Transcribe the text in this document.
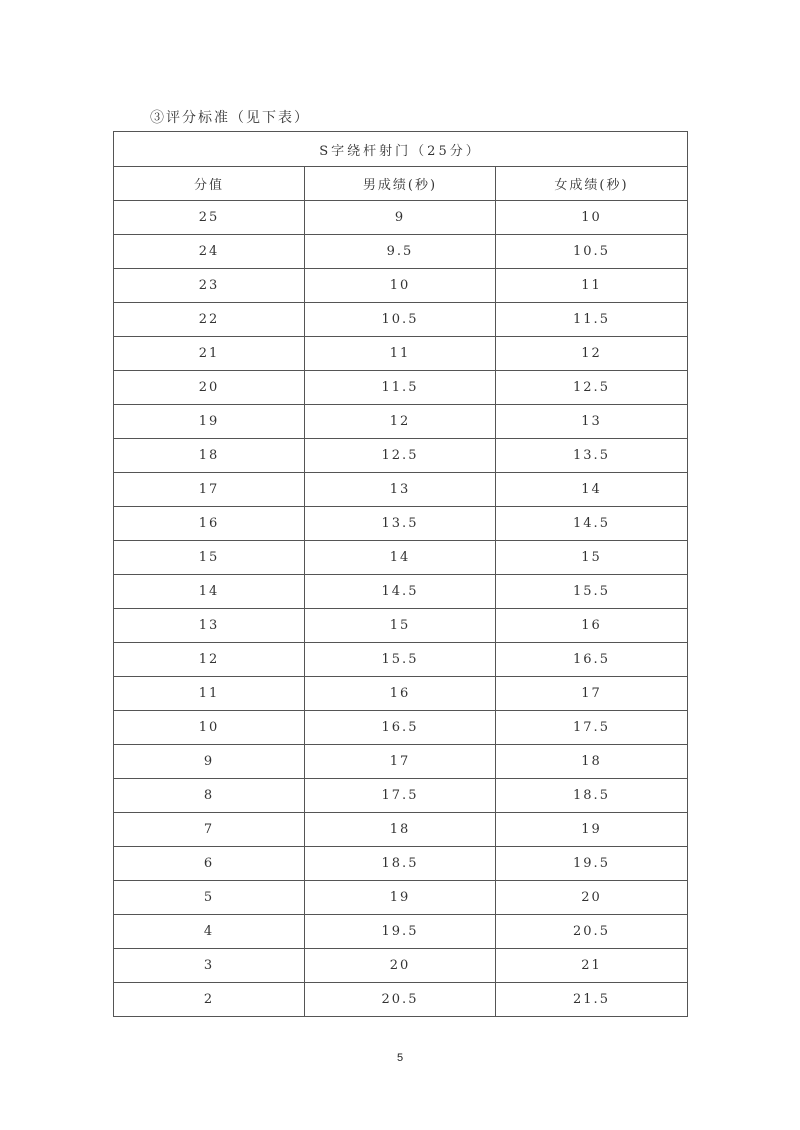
③评分标准（见下表）
S字绕杆射门（25分）		
分值	男成绩(秒)	女成绩(秒)
25	9	10
24	9.5	10.5
23	10	11
22	10.5	11.5
21	11	12
20	11.5	12.5
19	12	13
18	12.5	13.5
17	13	14
16	13.5	14.5
15	14	15
14	14.5	15.5
13	15	16
12	15.5	16.5
11	16	17
10	16.5	17.5
9	17	18
8	17.5	18.5
7	18	19
6	18.5	19.5
5	19	20
4	19.5	20.5
3	20	21
2	20.5	21.5
5
